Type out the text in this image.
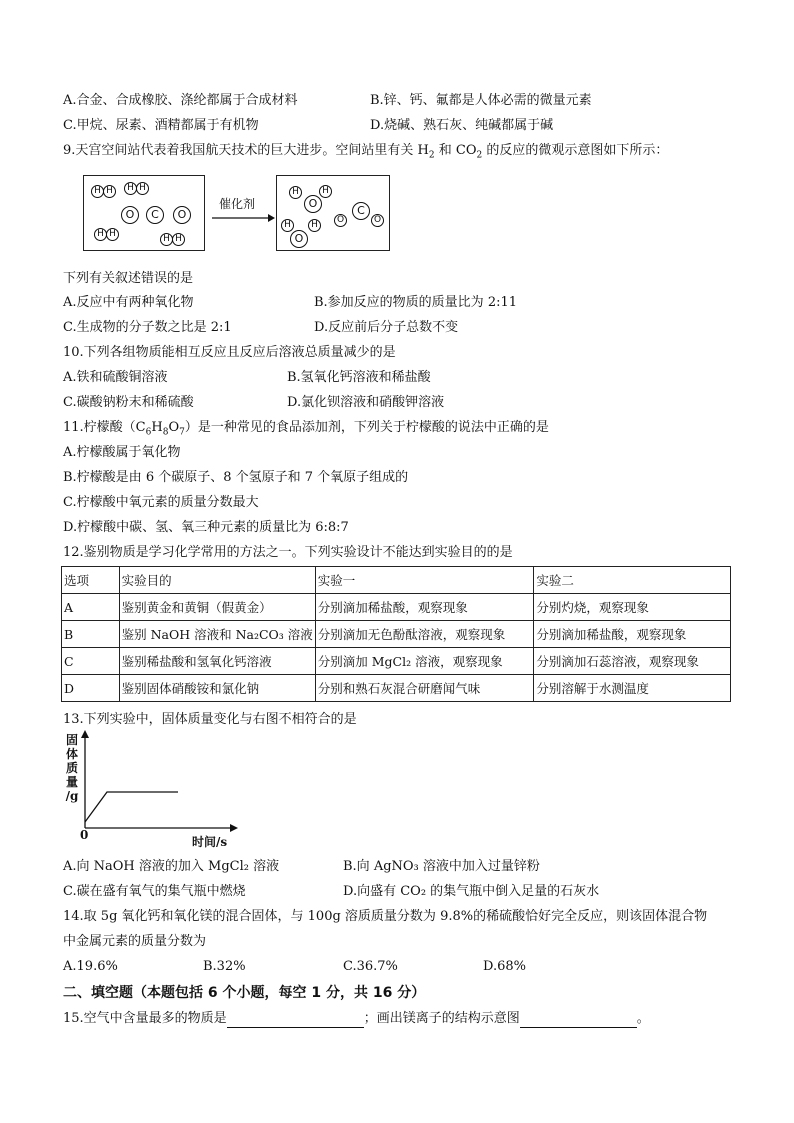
A.合金、合成橡胶、涤纶都属于合成材料	B.锌、钙、氟都是人体必需的微量元素
C.甲烷、尿素、酒精都属于有机物	D.烧碱、熟石灰、纯碱都属于碱
9.天宫空间站代表着我国航天技术的巨大进步。空间站里有关 $H_2$ 和 $CO_2$ 的反应的微观示意图如下所示：
H H	H H
O	C	O
H H	H H
催化剂
H
O
H
H
O
H	O
C
O
下列有关叙述错误的是
A.反应中有两种氧化物	B.参加反应的物质的质量比为 2:11
C.生成物的分子数之比是 2:1	D.反应前后分子总数不变
10.下列各组物质能相互反应且反应后溶液总质量减少的是
A.铁和硫酸铜溶液	B.氢氧化钙溶液和稀盐酸
C.碳酸钠粉末和稀硫酸	D.氯化钡溶液和硝酸钾溶液
11.柠檬酸$(C_6H_8O_7)$是一种常见的食品添加剂，下列关于柠檬酸的说法中正确的是
A.柠檬酸属于氧化物
B.柠檬酸是由 6 个碳原子、8 个氢原子和 7 个氧原子组成的
C.柠檬酸中氧元素的质量分数最大
D.柠檬酸中碳、氢、氧三种元素的质量比为 6:8:7
12.鉴别物质是学习化学常用的方法之一。下列实验设计不能达到实验目的的是
选项	实验目的	实验一	实验二
A	鉴别黄金和黄铜（假黄金）	分别滴加稀盐酸，观察现象	分别灼烧，观察现象
B	鉴别 NaOH 溶液和 Na₂CO₃ 溶液	分别滴加无色酚酞溶液，观察现象	分别滴加稀盐酸，观察现象
C	鉴别稀盐酸和氢氧化钙溶液	分别滴加 MgCl₂ 溶液，观察现象	分别滴加石蕊溶液，观察现象
D	鉴别固体硝酸铵和氯化钠	分别和熟石灰混合研磨闻气味	分别溶解于水测温度
13.下列实验中，固体质量变化与右图不相符合的是
固
体
质
量
/g
0	时间/s
A.向 NaOH 溶液的加入 MgCl₂ 溶液	B.向 AgNO₃ 溶液中加入过量锌粉
C.碳在盛有氧气的集气瓶中燃烧	D.向盛有 CO₂ 的集气瓶中倒入足量的石灰水
14.取 5g 氧化钙和氧化镁的混合固体，与 100g 溶质质量分数为 9.8%的稀硫酸恰好完全反应，则该固体混合物
中金属元素的质量分数为
A.19.6%	B.32%	C.36.7%	D.68%
二、填空题（本题包括 6 个小题，每空 1 分，共 16 分）
15.空气中含量最多的物质是	；画出镁离子的结构示意图	。
